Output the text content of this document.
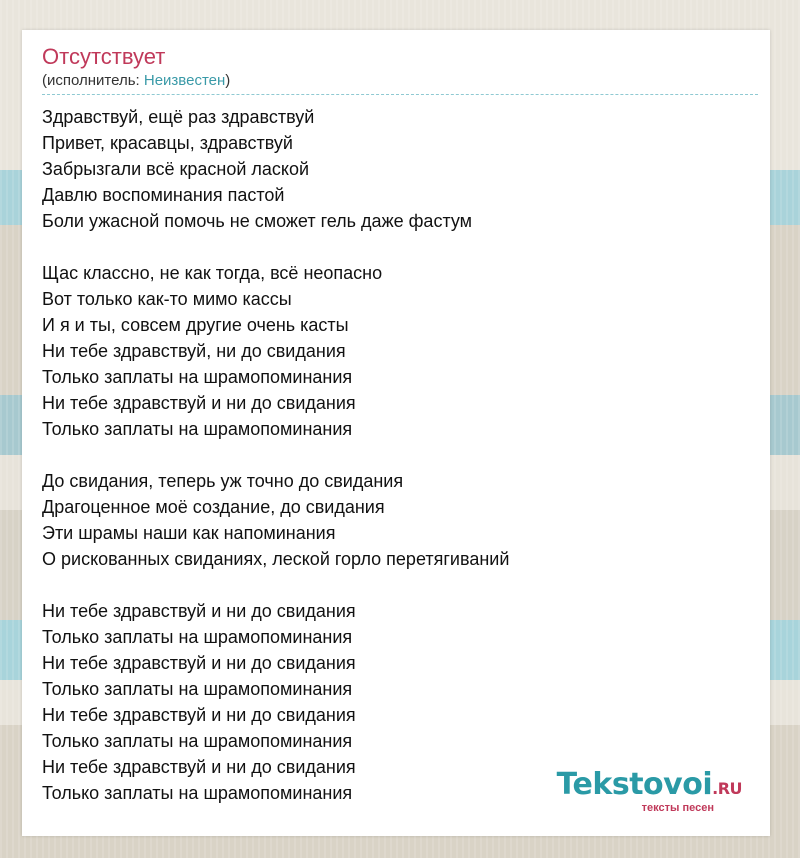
Отсутствует
(исполнитель: Неизвестен)
Здравствуй, ещё раз здравствуй
Привет, красавцы, здравствуй
Забрызгали всё красной лаской
Давлю воспоминания пастой
Боли ужасной помочь не сможет гель даже фастум
Щас классно, не как тогда, всё неопасно
Вот только как-то мимо кассы
И я и ты, совсем другие очень касты
Ни тебе здравствуй, ни до свидания
Только заплаты на шрамопоминания
Ни тебе здравствуй и ни до свидания
Только заплаты на шрамопоминания
До свидания, теперь уж точно до свидания
Драгоценное моё создание, до свидания
Эти шрамы наши как напоминания
О рискованных свиданиях, леской горло перетягиваний
Ни тебе здравствуй и ни до свидания
Только заплаты на шрамопоминания
Ни тебе здравствуй и ни до свидания
Только заплаты на шрамопоминания
Ни тебе здравствуй и ни до свидания
Только заплаты на шрамопоминания
Ни тебе здравствуй и ни до свидания
Только заплаты на шрамопоминания	Tekstovoi.RU
тексты песен
